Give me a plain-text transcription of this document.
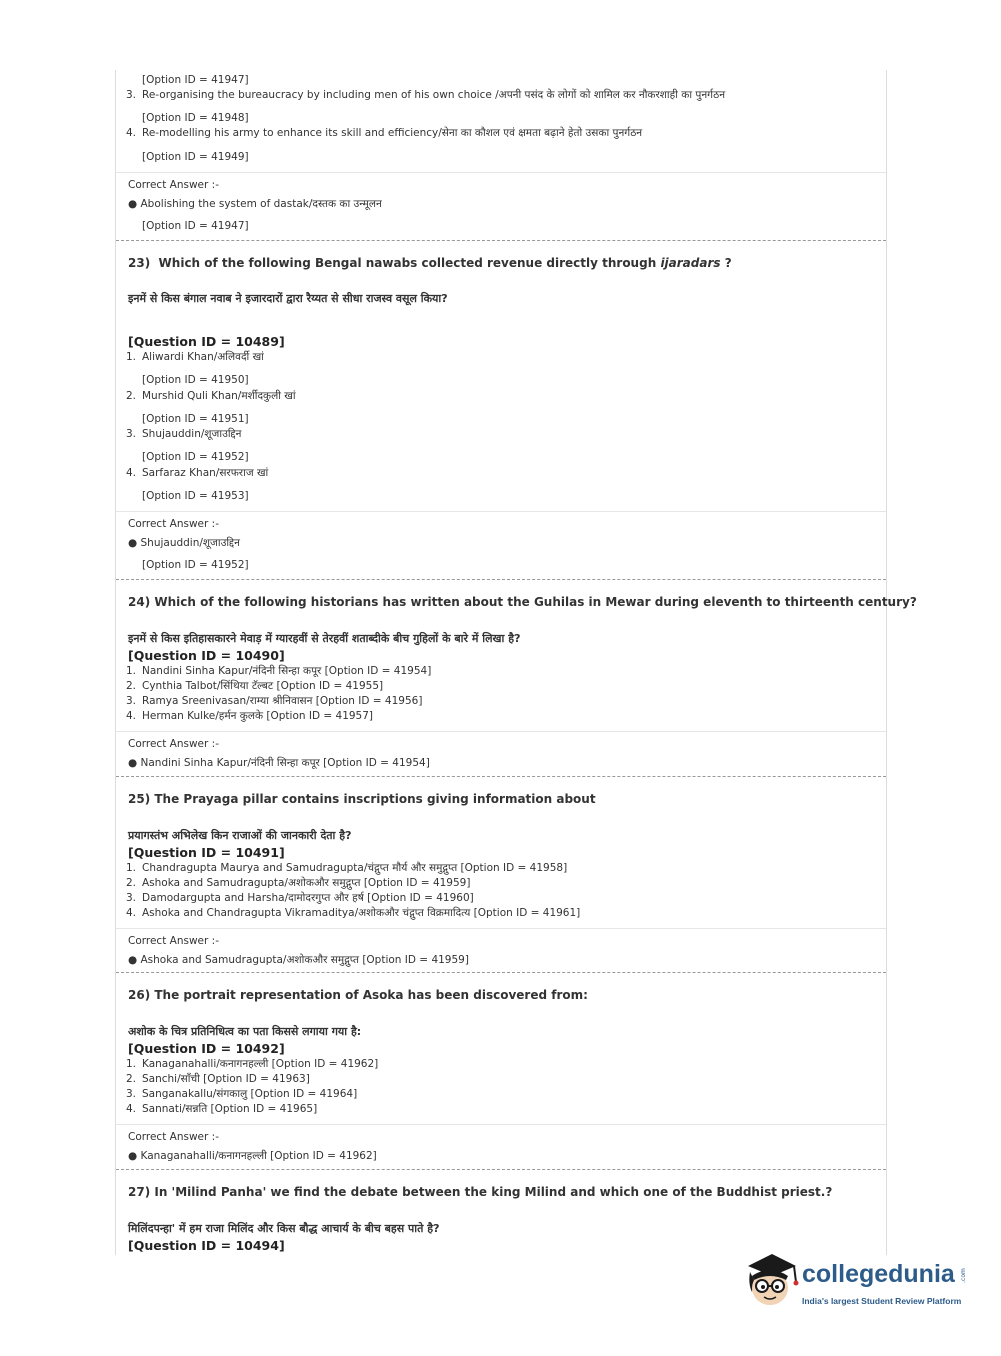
[Option ID = 41947]
3. Re-organising the bureaucracy by including men of his own choice /अपनी पसंद के लोगों को शामिल कर नौकरशाही का पुनर्गठन
[Option ID = 41948]
4. Re-modelling his army to enhance its skill and efficiency/सेना का कौशल एवं क्षमता बढ़ाने हेतो उसका पुनर्गठन
[Option ID = 41949]
Correct Answer :-
● Abolishing the system of dastak/दस्तक का उन्मूलन
[Option ID = 41947]
23) Which of the following Bengal nawabs collected revenue directly through ijaradars ?
इनमें से किस बंगाल नवाब ने इजारदारों द्वारा रैय्यत से सीधा राजस्व वसूल किया?
[Question ID = 10489]
1. Aliwardi Khan/अलिवर्दी खां
[Option ID = 41950]
2. Murshid Quli Khan/मर्शीदकुली खां
[Option ID = 41951]
3. Shujauddin/शूजाउद्दिन
[Option ID = 41952]
4. Sarfaraz Khan/सरफराज खां
[Option ID = 41953]
Correct Answer :-
● Shujauddin/शूजाउद्दिन
[Option ID = 41952]
24) Which of the following historians has written about the Guhilas in Mewar during eleventh to thirteenth century?
इनमें से किस इतिहासकारने मेवाड़ में ग्यारहवीं से तेरहवीं शताब्दीके बीच गुहिलों के बारे में लिखा है?
[Question ID = 10490]
1. Nandini Sinha Kapur/नंदिनी सिन्हा कपूर [Option ID = 41954]
2. Cynthia Talbot/सिंथिया टॅल्बट [Option ID = 41955]
3. Ramya Sreenivasan/राम्या श्रीनिवासन [Option ID = 41956]
4. Herman Kulke/हर्मन कुलके [Option ID = 41957]
Correct Answer :-
● Nandini Sinha Kapur/नंदिनी सिन्हा कपूर [Option ID = 41954]
25) The Prayaga pillar contains inscriptions giving information about
प्रयागस्तंभ अभिलेख किन राजाओं की जानकारी देता है?
[Question ID = 10491]
1. Chandragupta Maurya and Samudragupta/चंद्गुप्त मौर्य और समुद्गुप्त [Option ID = 41958]
2. Ashoka and Samudragupta/अशोकऔर समुद्गुप्त [Option ID = 41959]
3. Damodargupta and Harsha/दामोदरगुप्त और हर्ष [Option ID = 41960]
4. Ashoka and Chandragupta Vikramaditya/अशोकऔर चंद्गुप्त विक्रमादित्य [Option ID = 41961]
Correct Answer :-
● Ashoka and Samudragupta/अशोकऔर समुद्गुप्त [Option ID = 41959]
26) The portrait representation of Asoka has been discovered from:
अशोक के चित्र प्रतिनिधित्व का पता किससे लगाया गया है:
[Question ID = 10492]
1. Kanaganahalli/कनागनहल्ली [Option ID = 41962]
2. Sanchi/साँची [Option ID = 41963]
3. Sanganakallu/संगकालु [Option ID = 41964]
4. Sannati/सन्नति [Option ID = 41965]
Correct Answer :-
● Kanaganahalli/कनागनहल्ली [Option ID = 41962]
27) In 'Milind Panha' we find the debate between the king Milind and which one of the Buddhist priest.?
मिलिंदपन्हा' में हम राजा मिलिंद और किस बौद्ध आचार्य के बीच बहस पाते है?
[Question ID = 10494]
collegedunia .com
India's largest Student Review Platform
